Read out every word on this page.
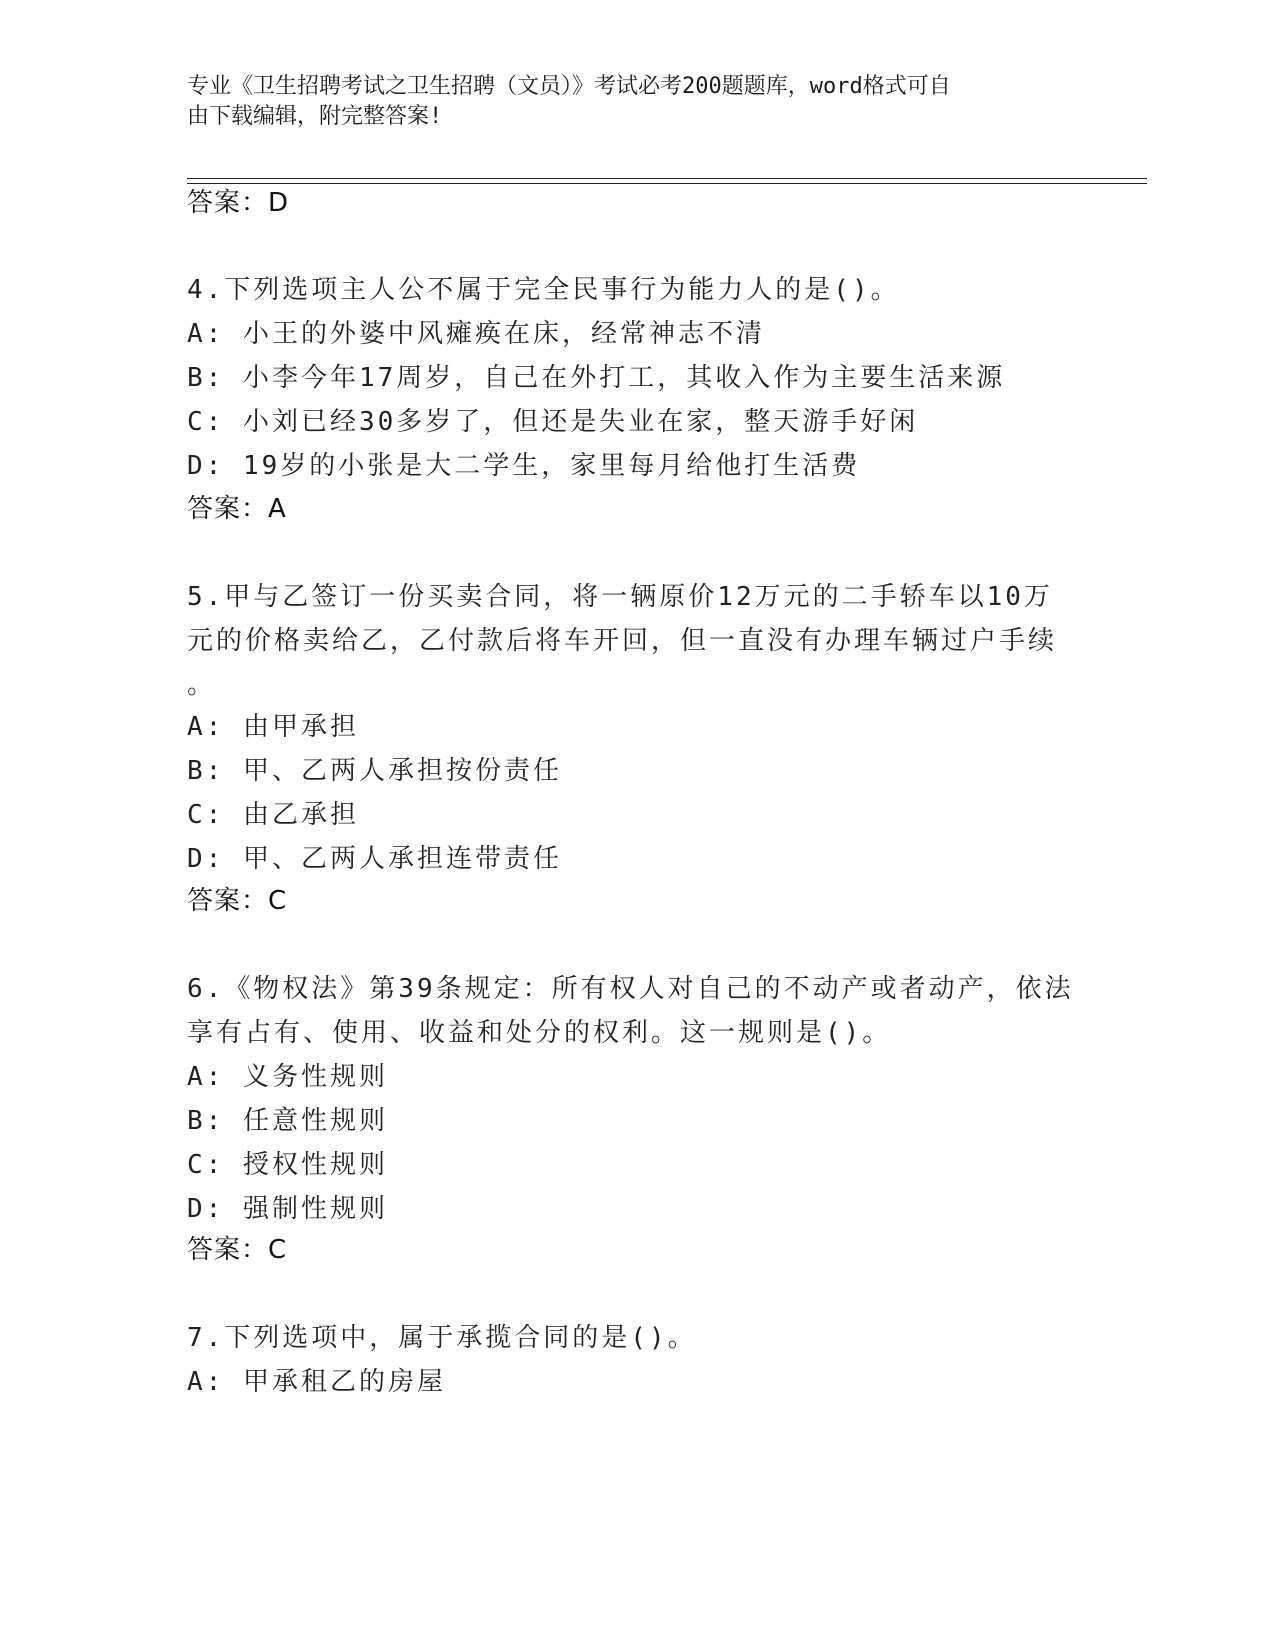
专业《卫生招聘考试之卫生招聘（文员）》考试必考200题题库，word格式可自
由下载编辑，附完整答案!
答案：D
4.下列选项主人公不属于完全民事行为能力人的是()。
A: 小王的外婆中风瘫痪在床，经常神志不清
B: 小李今年17周岁，自己在外打工，其收入作为主要生活来源
C: 小刘已经30多岁了，但还是失业在家，整天游手好闲
D: 19岁的小张是大二学生，家里每月给他打生活费
答案：A
5.甲与乙签订一份买卖合同，将一辆原价12万元的二手轿车以10万
元的价格卖给乙，乙付款后将车开回，但一直没有办理车辆过户手续
。
A: 由甲承担
B: 甲、乙两人承担按份责任
C: 由乙承担
D: 甲、乙两人承担连带责任
答案：C
6.《物权法》第39条规定：所有权人对自己的不动产或者动产，依法
享有占有、使用、收益和处分的权利。这一规则是()。
A: 义务性规则
B: 任意性规则
C: 授权性规则
D: 强制性规则
答案：C
7.下列选项中，属于承揽合同的是()。
A: 甲承租乙的房屋
